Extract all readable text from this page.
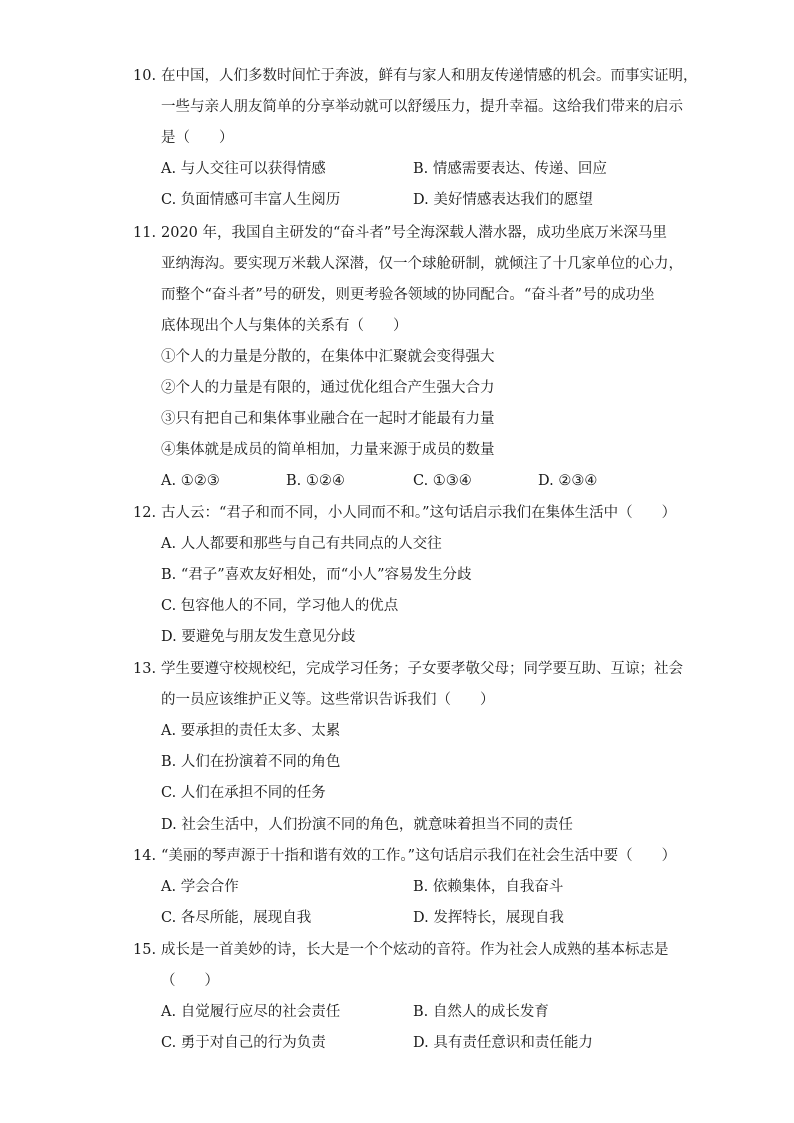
10. 在中国，人们多数时间忙于奔波，鲜有与家人和朋友传递情感的机会。而事实证明，
一些与亲人朋友简单的分享举动就可以舒缓压力，提升幸福。这给我们带来的启示
是（　　）
A. 与人交往可以获得情感	B. 情感需要表达、传递、回应
C. 负面情感可丰富人生阅历	D. 美好情感表达我们的愿望
11. 2020 年，我国自主研发的“奋斗者”号全海深载人潜水器，成功坐底万米深马里
亚纳海沟。要实现万米载人深潜，仅一个球舱研制，就倾注了十几家单位的心力，
而整个“奋斗者”号的研发，则更考验各领域的协同配合。“奋斗者”号的成功坐
底体现出个人与集体的关系有（　　）
①个人的力量是分散的，在集体中汇聚就会变得强大
②个人的力量是有限的，通过优化组合产生强大合力
③只有把自己和集体事业融合在一起时才能最有力量
④集体就是成员的简单相加，力量来源于成员的数量
A. ①②③	B. ①②④	C. ①③④	D. ②③④
12. 古人云：“君子和而不同，小人同而不和。”这句话启示我们在集体生活中（　　）
A. 人人都要和那些与自己有共同点的人交往
B. “君子”喜欢友好相处，而“小人”容易发生分歧
C. 包容他人的不同，学习他人的优点
D. 要避免与朋友发生意见分歧
13. 学生要遵守校规校纪，完成学习任务；子女要孝敬父母；同学要互助、互谅；社会
的一员应该维护正义等。这些常识告诉我们（　　）
A. 要承担的责任太多、太累
B. 人们在扮演着不同的角色
C. 人们在承担不同的任务
D. 社会生活中，人们扮演不同的角色，就意味着担当不同的责任
14. “美丽的琴声源于十指和谐有效的工作。”这句话启示我们在社会生活中要（　　）
A. 学会合作	B. 依赖集体，自我奋斗
C. 各尽所能，展现自我	D. 发挥特长，展现自我
15. 成长是一首美妙的诗，长大是一个个炫动的音符。作为社会人成熟的基本标志是
（　　）
A. 自觉履行应尽的社会责任	B. 自然人的成长发育
C. 勇于对自己的行为负责	D. 具有责任意识和责任能力
